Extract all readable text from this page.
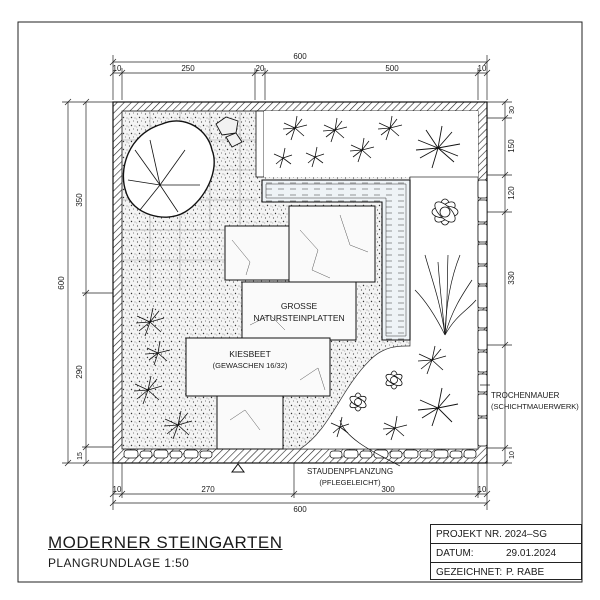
600
10	250	20	500	10
10	270	300	10
600
600
350
290
15
30
150
120
330
10
GROSSE
NATURSTEINPLATTEN
KIESBEET
(GEWASCHEN 16/32)
TROCHENMAUER
(SCHICHTMAUERWERK)
STAUDENPFLANZUNG
(PFLEGELEICHT)
MODERNER STEINGARTEN
PLANGRUNDLAGE 1:50
PROJEKT NR. 2024–SG
DATUM:	29.01.2024
GEZEICHNET: P. RABE
